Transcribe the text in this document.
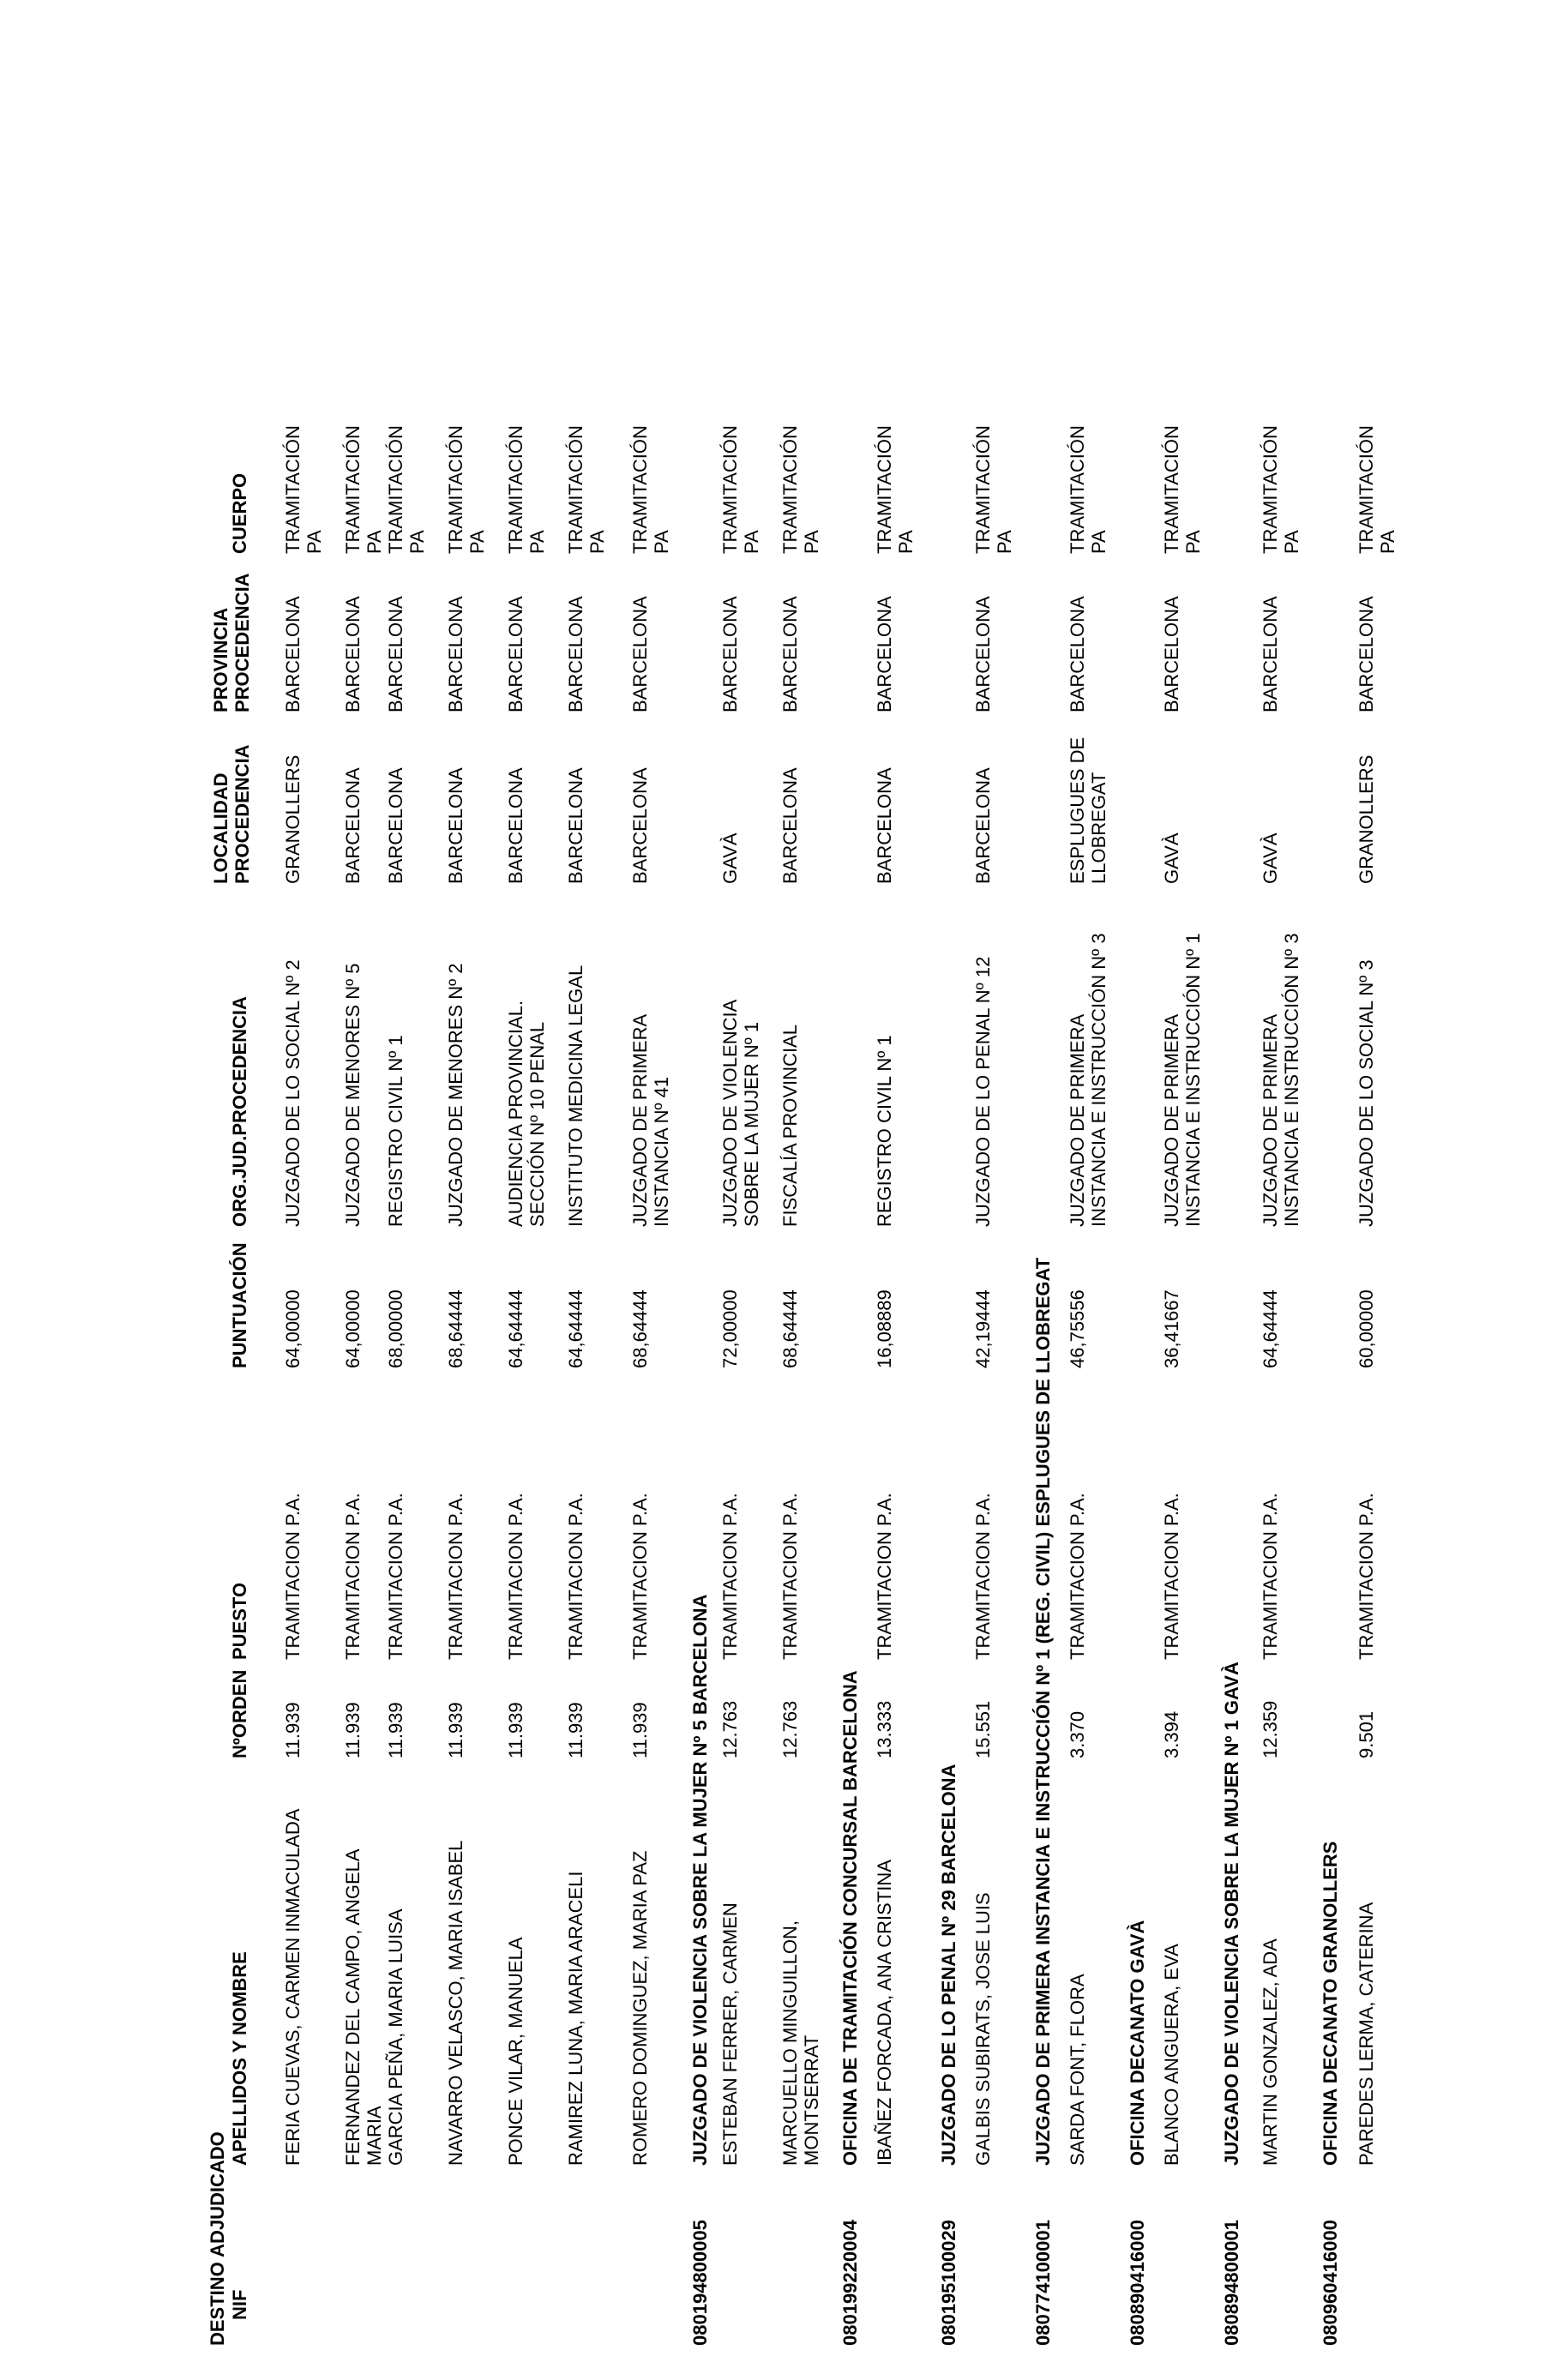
DESTINO ADJUDICADO NIF
APELLIDOS Y NOMBRE
NºORDEN
PUESTO
PUNTUACIÓN
ORG.JUD.PROCEDENCIA
LOCALIDAD PROCEDENCIA
PROVINCIA PROCEDENCIA
CUERPO
FERIA CUEVAS, CARMEN INMACULADA
11.939
TRAMITACION P.A.
64,00000
JUZGADO DE LO SOCIAL Nº 2
GRANOLLERS
BARCELONA
TRAMITACIÓN PA
FERNANDEZ DEL CAMPO, ANGELA MARIA
11.939
TRAMITACION P.A.
64,00000
JUZGADO DE MENORES Nº 5
BARCELONA
BARCELONA
TRAMITACIÓN PA
GARCIA PEÑA, MARIA LUISA
11.939
TRAMITACION P.A.
68,00000
REGISTRO CIVIL Nº 1
BARCELONA
BARCELONA
TRAMITACIÓN PA
NAVARRO VELASCO, MARIA ISABEL
11.939
TRAMITACION P.A.
68,64444
JUZGADO DE MENORES Nº 2
BARCELONA
BARCELONA
TRAMITACIÓN PA
PONCE VILAR, MANUELA
11.939
TRAMITACION P.A.
64,64444
AUDIENCIA PROVINCIAL. SECCIÓN Nº 10 PENAL
BARCELONA
BARCELONA
TRAMITACIÓN PA
RAMIREZ LUNA, MARIA ARACELI
11.939
TRAMITACION P.A.
64,64444
INSTITUTO MEDICINA LEGAL
BARCELONA
BARCELONA
TRAMITACIÓN PA
ROMERO DOMINGUEZ, MARIA PAZ
11.939
TRAMITACION P.A.
68,64444
JUZGADO DE PRIMERA INSTANCIA Nº 41
BARCELONA
BARCELONA
TRAMITACIÓN PA
080194800005
JUZGADO DE VIOLENCIA SOBRE LA MUJER Nº 5 BARCELONA ESTEBAN FERRER, CARMEN
12.763
TRAMITACION P.A.
72,00000
JUZGADO DE VIOLENCIA SOBRE LA MUJER Nº 1
GAVÀ
BARCELONA
TRAMITACIÓN PA
MARCUELLO MINGUILLON, MONTSERRAT
12.763
TRAMITACION P.A.
68,64444
FISCALÍA PROVINCIAL
BARCELONA
BARCELONA
TRAMITACIÓN PA
080199220004
OFICINA DE TRAMITACIÓN CONCURSAL BARCELONA IBAÑEZ FORCADA, ANA CRISTINA
13.333
TRAMITACION P.A.
16,08889
REGISTRO CIVIL Nº 1
BARCELONA
BARCELONA
TRAMITACIÓN PA
080195100029
JUZGADO DE LO PENAL Nº 29 BARCELONA GALBIS SUBIRATS, JOSE LUIS
15.551
TRAMITACION P.A.
42,19444
JUZGADO DE LO PENAL Nº 12
BARCELONA
BARCELONA
TRAMITACIÓN PA
080774100001
JUZGADO DE PRIMERA INSTANCIA E INSTRUCCIÓN Nº 1 (REG. CIVIL) ESPLUGUES DE LLOBREGAT SARDA FONT, FLORA
3.370
TRAMITACION P.A.
46,75556
JUZGADO DE PRIMERA INSTANCIA E INSTRUCCIÓN Nº 3
ESPLUGUES DE LLOBREGAT
BARCELONA
TRAMITACIÓN PA
080890416000
OFICINA DECANATO GAVÀ BLANCO ANGUERA, EVA
3.394
TRAMITACION P.A.
36,41667
JUZGADO DE PRIMERA INSTANCIA E INSTRUCCIÓN Nº 1
GAVÀ
BARCELONA
TRAMITACIÓN PA
080894800001
JUZGADO DE VIOLENCIA SOBRE LA MUJER Nº 1 GAVÀ MARTIN GONZALEZ, ADA
12.359
TRAMITACION P.A.
64,64444
JUZGADO DE PRIMERA INSTANCIA E INSTRUCCIÓN Nº 3
GAVÀ
BARCELONA
TRAMITACIÓN PA
080960416000
OFICINA DECANATO GRANOLLERS PAREDES LERMA, CATERINA
9.501
TRAMITACION P.A.
60,00000
JUZGADO DE LO SOCIAL Nº 3
GRANOLLERS
BARCELONA
TRAMITACIÓN PA
